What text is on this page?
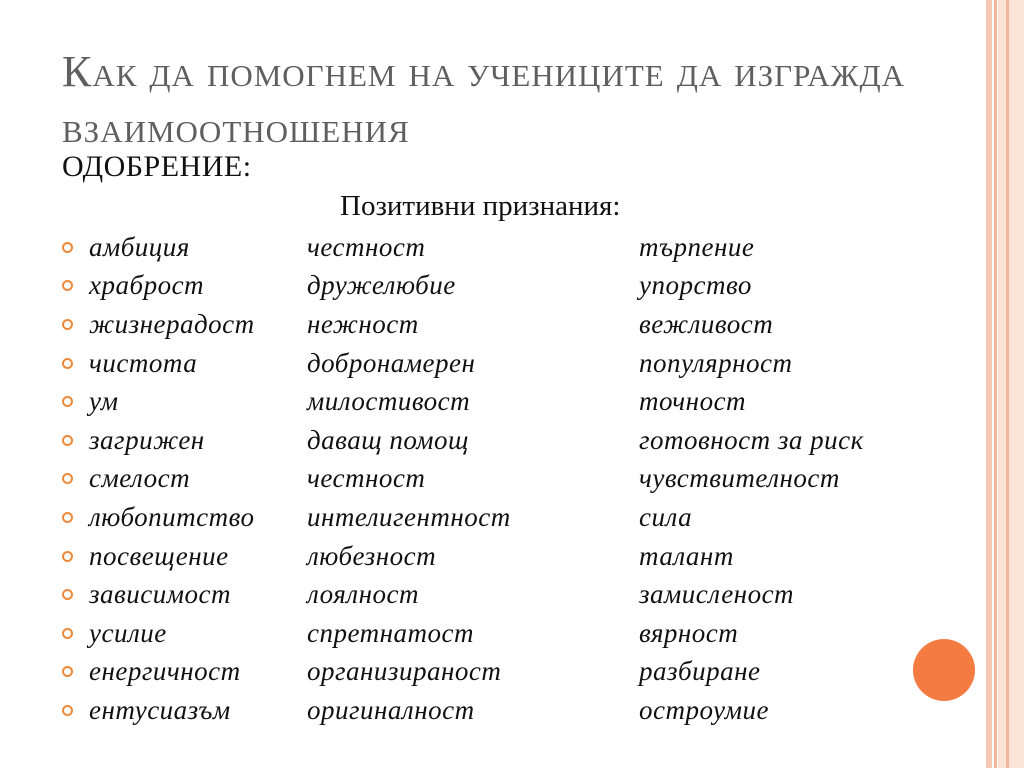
Как да помогнем на учениците да изгражда взаимоотношения
ОДОБРЕНИЕ:
Позитивни признания:
амбиция	честност	търпение
храброст	дружелюбие	упорство
жизнерадост	нежност	вежливост
чистота	добронамерен	популярност
ум	милостивост	точност
загрижен	даващ помощ	готовност за риск
смелост	честност	чувствителност
любопитство	интелигентност	сила
посвещение	любезност	талант
зависимост	лоялност	замисленост
усилие	спретнатост	вярност
енергичност	организираност	разбиране
ентусиазъм	оригиналност	остроумие
